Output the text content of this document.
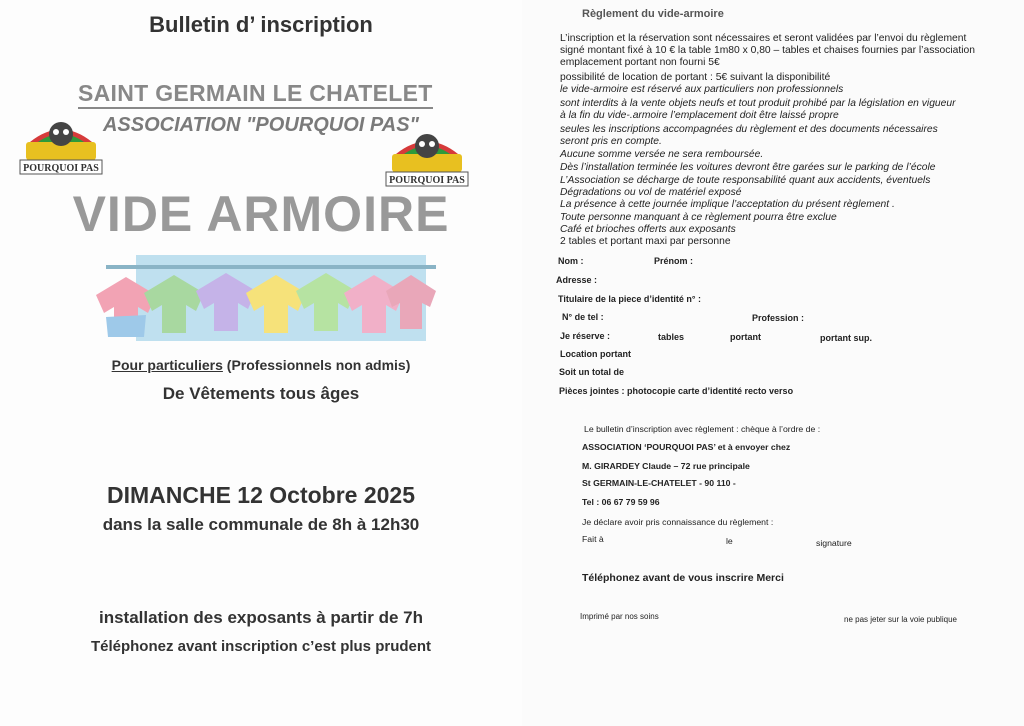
Bulletin d’ inscription
SAINT GERMAIN LE CHATELET
ASSOCIATION "POURQUOI PAS"
POURQUOI PAS
POURQUOI PAS
VIDE ARMOIRE
Pour particuliers (Professionnels non admis)
De Vêtements tous âges
DIMANCHE 12 Octobre 2025
dans la salle communale de 8h à 12h30
installation des exposants à partir de 7h
Téléphonez avant inscription c’est plus prudent
Règlement du vide-armoire
L’inscription et la réservation sont nécessaires et seront validées par l’envoi du règlement
signé montant fixé à 10 € la table 1m80 x 0,80 – tables et chaises fournies par l’association
emplacement portant non fourni 5€
possibilité de location de portant : 5€ suivant la disponibilité
le vide-armoire est réservé aux particuliers non professionnels
sont interdits à la vente objets neufs et tout produit prohibé par la législation en vigueur
à la fin du vide-.armoire l’emplacement doit être laissé propre
seules les inscriptions accompagnées du règlement et des documents nécessaires
seront pris en compte.
Aucune somme versée ne sera remboursée.
Dès l’installation terminée les voitures devront être garées sur le parking de l’école
L’Association se décharge de toute responsabilité quant aux accidents, éventuels
Dégradations ou vol de matériel exposé
La présence à cette journée implique l’acceptation du présent règlement .
Toute personne manquant à ce règlement pourra être exclue
Café et brioches offerts aux exposants
2 tables et portant maxi par personne
Nom :	Prénom :
Adresse :
Titulaire de la piece d’identité n° :
N° de tel :	Profession :
Je réserve :	tables	portant	portant sup.
Location portant
Soit un total de
Pièces jointes : photocopie carte d’identité recto verso
Le bulletin d’inscription avec règlement : chèque à l’ordre de :
ASSOCIATION ‘POURQUOI PAS’ et à envoyer chez
M. GIRARDEY Claude – 72 rue principale
St GERMAIN-LE-CHATELET - 90 110 -
Tel : 06 67 79 59 96
Je déclare avoir pris connaissance du règlement :
Fait à	le	signature
Téléphonez avant de vous inscrire Merci
Imprimé par nos soins	ne pas jeter sur la voie publique
